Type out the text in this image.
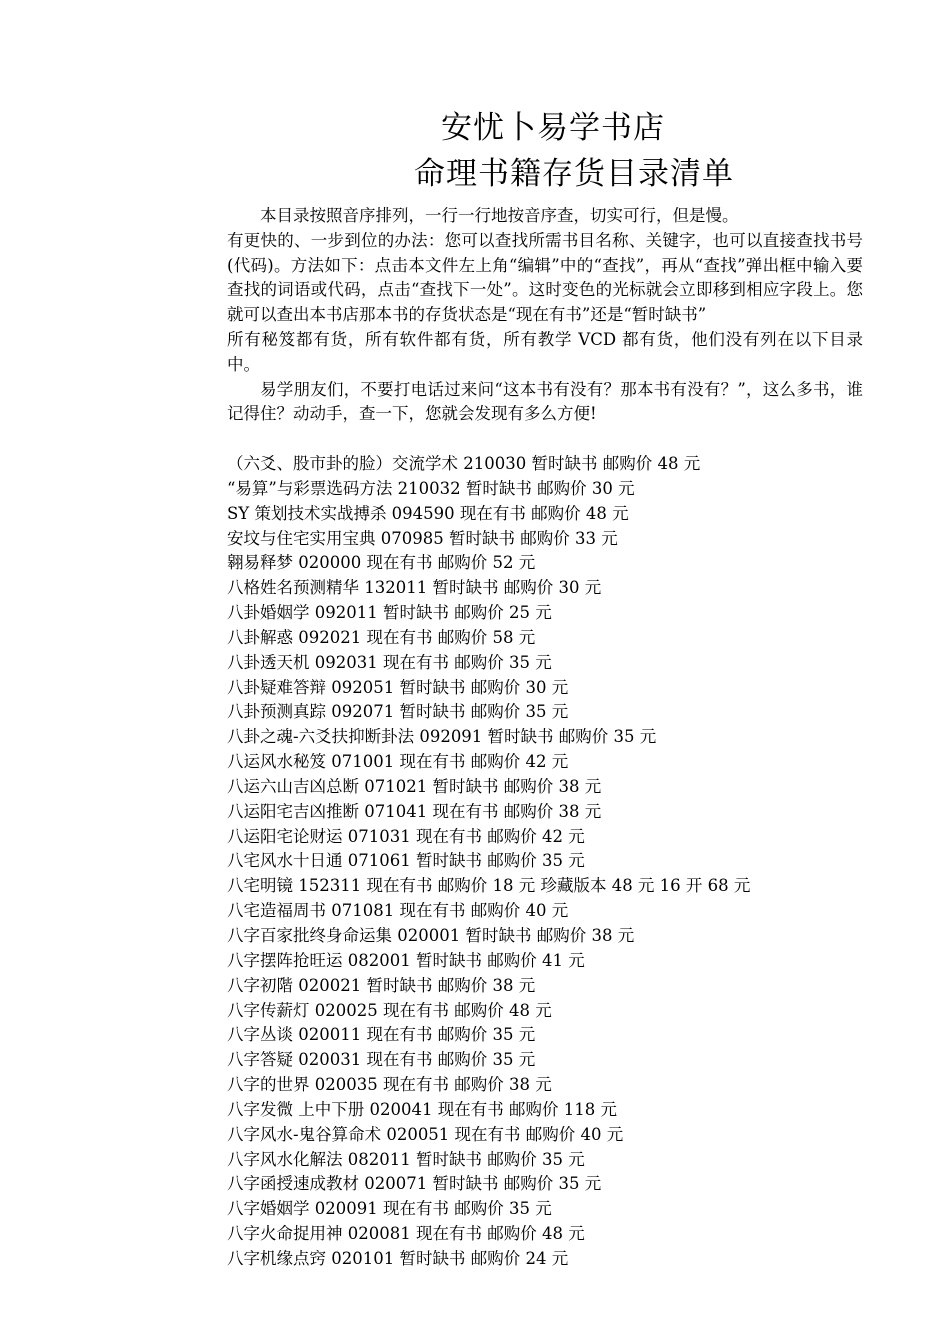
安忧卜易学书店
命理书籍存货目录清单

本目录按照音序排列，一行一行地按音序查，切实可行，但是慢。

有更快的、一步到位的办法：您可以查找所需书目名称、关键字，也可以直接查找书号(代码)。方法如下：点击本文件左上角“编辑”中的“查找”，再从“查找”弹出框中输入要查找的词语或代码，点击“查找下一处”。这时变色的光标就会立即移到相应字段上。您就可以查出本书店那本书的存货状态是“现在有书”还是“暂时缺书”

所有秘笈都有货，所有软件都有货，所有教学 VCD 都有货，他们没有列在以下目录中。

易学朋友们，不要打电话过来问“这本书有没有？那本书有没有？”，这么多书，谁记得住？动动手，查一下，您就会发现有多么方便!

（六爻、股市卦的脸）交流学术 210030 暂时缺书 邮购价 48 元
“易算”与彩票选码方法 210032 暂时缺书 邮购价 30 元
SY 策划技术实战搏杀 094590 现在有书 邮购价 48 元
安坟与住宅实用宝典 070985 暂时缺书 邮购价 33 元
翱易释梦 020000 现在有书 邮购价 52 元
八格姓名预测精华 132011 暂时缺书 邮购价 30 元
八卦婚姻学 092011 暂时缺书 邮购价 25 元
八卦解惑 092021 现在有书 邮购价 58 元
八卦透天机 092031 现在有书 邮购价 35 元
八卦疑难答辩 092051 暂时缺书 邮购价 30 元
八卦预测真踪 092071 暂时缺书 邮购价 35 元
八卦之魂-六爻扶抑断卦法 092091 暂时缺书 邮购价 35 元
八运风水秘笈 071001 现在有书 邮购价 42 元
八运六山吉凶总断 071021 暂时缺书 邮购价 38 元
八运阳宅吉凶推断 071041 现在有书 邮购价 38 元
八运阳宅论财运 071031 现在有书 邮购价 42 元
八宅风水十日通 071061 暂时缺书 邮购价 35 元
八宅明镜 152311 现在有书 邮购价 18 元 珍藏版本 48 元 16 开 68 元
八宅造福周书 071081 现在有书 邮购价 40 元
八字百家批终身命运集 020001 暂时缺书 邮购价 38 元
八字摆阵抢旺运 082001 暂时缺书 邮购价 41 元
八字初階 020021 暂时缺书 邮购价 38 元
八字传薪灯 020025 现在有书 邮购价 48 元
八字丛谈 020011 现在有书 邮购价 35 元
八字答疑 020031 现在有书 邮购价 35 元
八字的世界 020035 现在有书 邮购价 38 元
八字发微 上中下册 020041 现在有书 邮购价 118 元
八字风水-鬼谷算命术 020051 现在有书 邮购价 40 元
八字风水化解法 082011 暂时缺书 邮购价 35 元
八字函授速成教材 020071 暂时缺书 邮购价 35 元
八字婚姻学 020091 现在有书 邮购价 35 元
八字火命捉用神 020081 现在有书 邮购价 48 元
八字机缘点窍 020101 暂时缺书 邮购价 24 元
